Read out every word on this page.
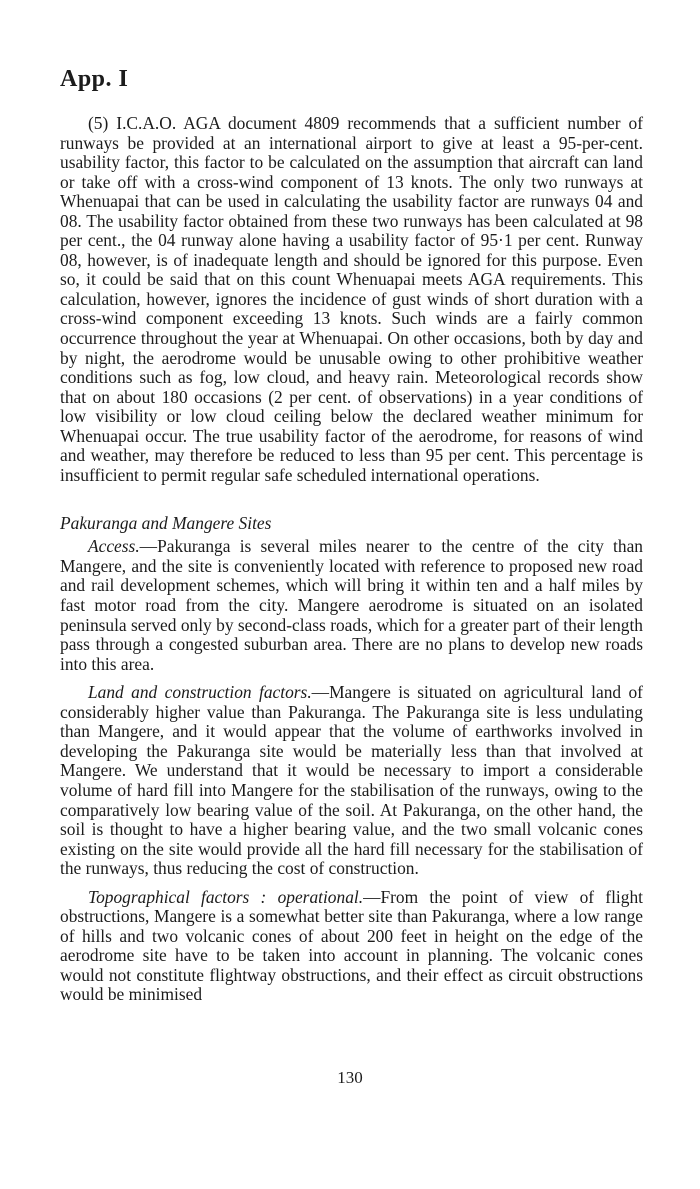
App. I

(5) I.C.A.O. AGA document 4809 recommends that a sufficient number of runways be provided at an international airport to give at least a 95-per-cent. usability factor, this factor to be calculated on the assumption that aircraft can land or take off with a cross-wind component of 13 knots. The only two runways at Whenuapai that can be used in calculating the usability factor are runways 04 and 08. The usability factor obtained from these two runways has been calculated at 98 per cent., the 04 runway alone having a usability factor of 95·1 per cent. Runway 08, however, is of inadequate length and should be ignored for this purpose. Even so, it could be said that on this count Whenuapai meets AGA requirements. This calculation, however, ignores the incidence of gust winds of short duration with a cross-wind component exceeding 13 knots. Such winds are a fairly common occurrence throughout the year at Whenuapai. On other occasions, both by day and by night, the aerodrome would be unusable owing to other prohibitive weather conditions such as fog, low cloud, and heavy rain. Meteorological records show that on about 180 occasions (2 per cent. of observations) in a year conditions of low visibility or low cloud ceiling below the declared weather minimum for Whenuapai occur. The true usability factor of the aerodrome, for reasons of wind and weather, may therefore be reduced to less than 95 per cent. This percentage is insufficient to permit regular safe scheduled international operations.

Pakuranga and Mangere Sites

Access.—Pakuranga is several miles nearer to the centre of the city than Mangere, and the site is conveniently located with reference to proposed new road and rail development schemes, which will bring it within ten and a half miles by fast motor road from the city. Mangere aerodrome is situated on an isolated peninsula served only by second-class roads, which for a greater part of their length pass through a congested suburban area. There are no plans to develop new roads into this area.

Land and construction factors.—Mangere is situated on agricultural land of considerably higher value than Pakuranga. The Pakuranga site is less undulating than Mangere, and it would appear that the volume of earthworks involved in developing the Pakuranga site would be materially less than that involved at Mangere. We understand that it would be necessary to import a considerable volume of hard fill into Mangere for the stabilisation of the runways, owing to the comparatively low bearing value of the soil. At Pakuranga, on the other hand, the soil is thought to have a higher bearing value, and the two small volcanic cones existing on the site would provide all the hard fill necessary for the stabilisation of the runways, thus reducing the cost of construction.

Topographical factors : operational.—From the point of view of flight obstructions, Mangere is a somewhat better site than Pakuranga, where a low range of hills and two volcanic cones of about 200 feet in height on the edge of the aerodrome site have to be taken into account in planning. The volcanic cones would not constitute flightway obstructions, and their effect as circuit obstructions would be minimised

130
